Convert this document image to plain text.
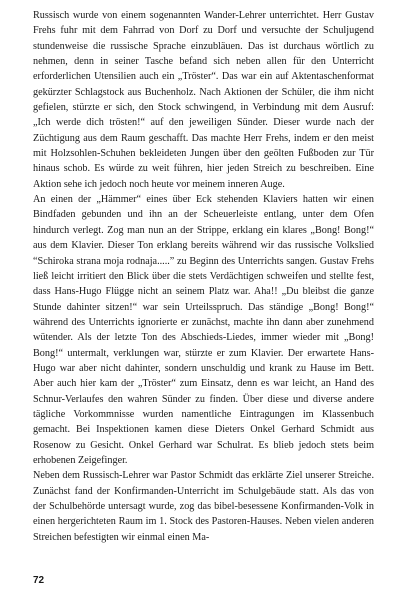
Russisch wurde von einem sogenannten Wander-Lehrer unterrichtet. Herr Gustav Frehs fuhr mit dem Fahrrad von Dorf zu Dorf und versuchte der Schuljugend stundenweise die russische Sprache einzubläuen. Das ist durchaus wörtlich zu nehmen, denn in seiner Tasche befand sich neben allen für den Unterricht erforderlichen Utensilien auch ein „Tröster“. Das war ein auf Aktentaschenformat gekürzter Schlagstock aus Buchenholz. Nach Aktionen der Schüler, die ihm nicht gefielen, stürzte er sich, den Stock schwingend, in Verbindung mit dem Ausruf: „Ich werde dich trösten!“ auf den jeweiligen Sünder. Dieser wurde nach der Züchtigung aus dem Raum geschafft. Das machte Herr Frehs, indem er den meist mit Holzsohlen-Schuhen bekleideten Jungen über den geölten Fußboden zur Tür hinaus schob. Es würde zu weit führen, hier jeden Streich zu beschreiben. Eine Aktion sehe ich jedoch noch heute vor meinem inneren Auge.

An einen der „Hämmer“ eines über Eck stehenden Klaviers hatten wir einen Bindfaden gebunden und ihn an der Scheuerleiste entlang, unter dem Ofen hindurch verlegt. Zog man nun an der Strippe, erklang ein klares „Bong! Bong!“ aus dem Klavier. Dieser Ton erklang bereits während wir das russische Volkslied “Schiroka strana moja rodnaja.....” zu Beginn des Unterrichts sangen. Gustav Frehs ließ leicht irritiert den Blick über die stets Verdächtigen schweifen und stellte fest, dass Hans-Hugo Flügge nicht an seinem Platz war. Aha!! „Du bleibst die ganze Stunde dahinter sitzen!“ war sein Urteilsspruch. Das ständige „Bong! Bong!“ während des Unterrichts ignorierte er zunächst, machte ihn dann aber zunehmend wütender. Als der letzte Ton des Abschieds-Liedes, immer wieder mit „Bong! Bong!“ untermalt, verklungen war, stürzte er zum Klavier. Der erwartete Hans-Hugo war aber nicht dahinter, sondern unschuldig und krank zu Hause im Bett. Aber auch hier kam der „Tröster“ zum Einsatz, denn es war leicht, an Hand des Schnur-Verlaufes den wahren Sünder zu finden. Über diese und diverse andere tägliche Vorkommnisse wurden namentliche Eintragungen im Klassenbuch gemacht. Bei Inspektionen kamen diese Dieters Onkel Gerhard Schmidt aus Rosenow zu Gesicht. Onkel Gerhard war Schulrat. Es blieb jedoch stets beim erhobenen Zeigefinger.

Neben dem Russisch-Lehrer war Pastor Schmidt das erklärte Ziel unserer Streiche. Zunächst fand der Konfirmanden-Unterricht im Schulgebäude statt. Als das von der Schulbehörde untersagt wurde, zog das bibel-besessene Konfirmanden-Volk in einen hergerichteten Raum im 1. Stock des Pastoren-Hauses. Neben vielen anderen Streichen befestigten wir einmal einen Ma-

72
